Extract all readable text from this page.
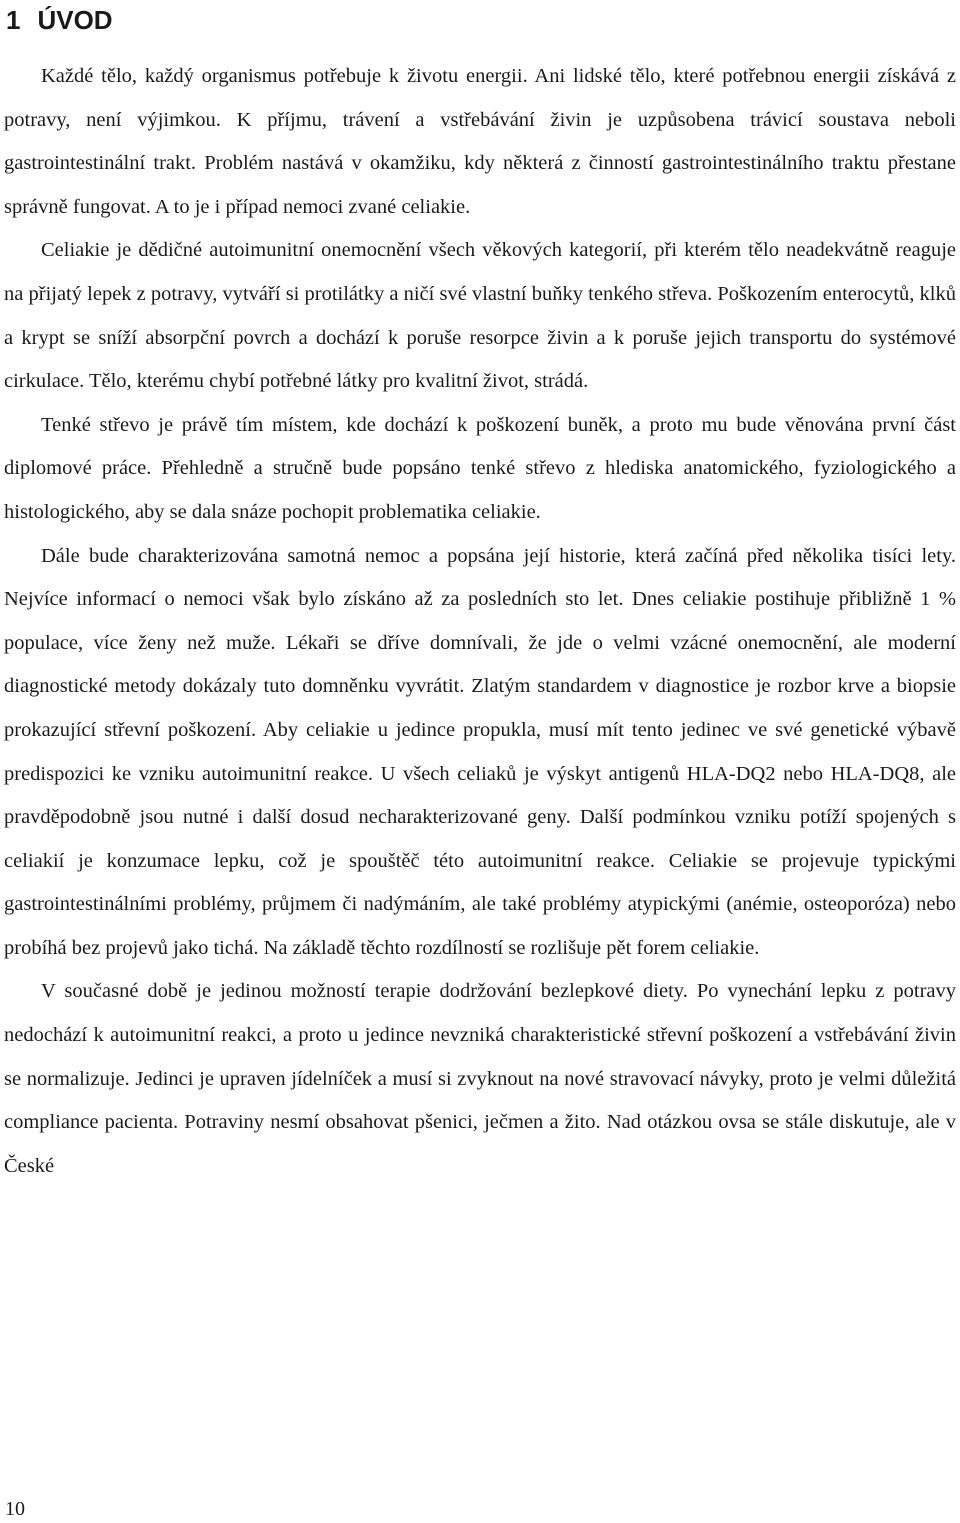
1 ÚVOD

Každé tělo, každý organismus potřebuje k životu energii. Ani lidské tělo, které potřebnou energii získává z potravy, není výjimkou. K příjmu, trávení a vstřebávání živin je uzpůsobena trávicí soustava neboli gastrointestinální trakt. Problém nastává v okamžiku, kdy některá z činností gastrointestinálního traktu přestane správně fungovat. A to je i případ nemoci zvané celiakie.

Celiakie je dědičné autoimunitní onemocnění všech věkových kategorií, při kterém tělo neadekvátně reaguje na přijatý lepek z potravy, vytváří si protilátky a ničí své vlastní buňky tenkého střeva. Poškozením enterocytů, klků a krypt se sníží absorpční povrch a dochází k poruše resorpce živin a k poruše jejich transportu do systémové cirkulace. Tělo, kterému chybí potřebné látky pro kvalitní život, strádá.

Tenké střevo je právě tím místem, kde dochází k poškození buněk, a proto mu bude věnována první část diplomové práce. Přehledně a stručně bude popsáno tenké střevo z hlediska anatomického, fyziologického a histologického, aby se dala snáze pochopit problematika celiakie.

Dále bude charakterizována samotná nemoc a popsána její historie, která začíná před několika tisíci lety. Nejvíce informací o nemoci však bylo získáno až za posledních sto let. Dnes celiakie postihuje přibližně 1 % populace, více ženy než muže. Lékaři se dříve domnívali, že jde o velmi vzácné onemocnění, ale moderní diagnostické metody dokázaly tuto domněnku vyvrátit. Zlatým standardem v diagnostice je rozbor krve a biopsie prokazující střevní poškození. Aby celiakie u jedince propukla, musí mít tento jedinec ve své genetické výbavě predispozici ke vzniku autoimunitní reakce. U všech celiaků je výskyt antigenů HLA-DQ2 nebo HLA-DQ8, ale pravděpodobně jsou nutné i další dosud necharakterizované geny. Další podmínkou vzniku potíží spojených s celiakií je konzumace lepku, což je spouštěč této autoimunitní reakce. Celiakie se projevuje typickými gastrointestinálními problémy, průjmem či nadýmáním, ale také problémy atypickými (anémie, osteoporóza) nebo probíhá bez projevů jako tichá. Na základě těchto rozdílností se rozlišuje pět forem celiakie.

V současné době je jedinou možností terapie dodržování bezlepkové diety. Po vynechání lepku z potravy nedochází k autoimunitní reakci, a proto u jedince nevzniká charakteristické střevní poškození a vstřebávání živin se normalizuje. Jedinci je upraven jídelníček a musí si zvyknout na nové stravovací návyky, proto je velmi důležitá compliance pacienta. Potraviny nesmí obsahovat pšenici, ječmen a žito. Nad otázkou ovsa se stále diskutuje, ale v České

10
